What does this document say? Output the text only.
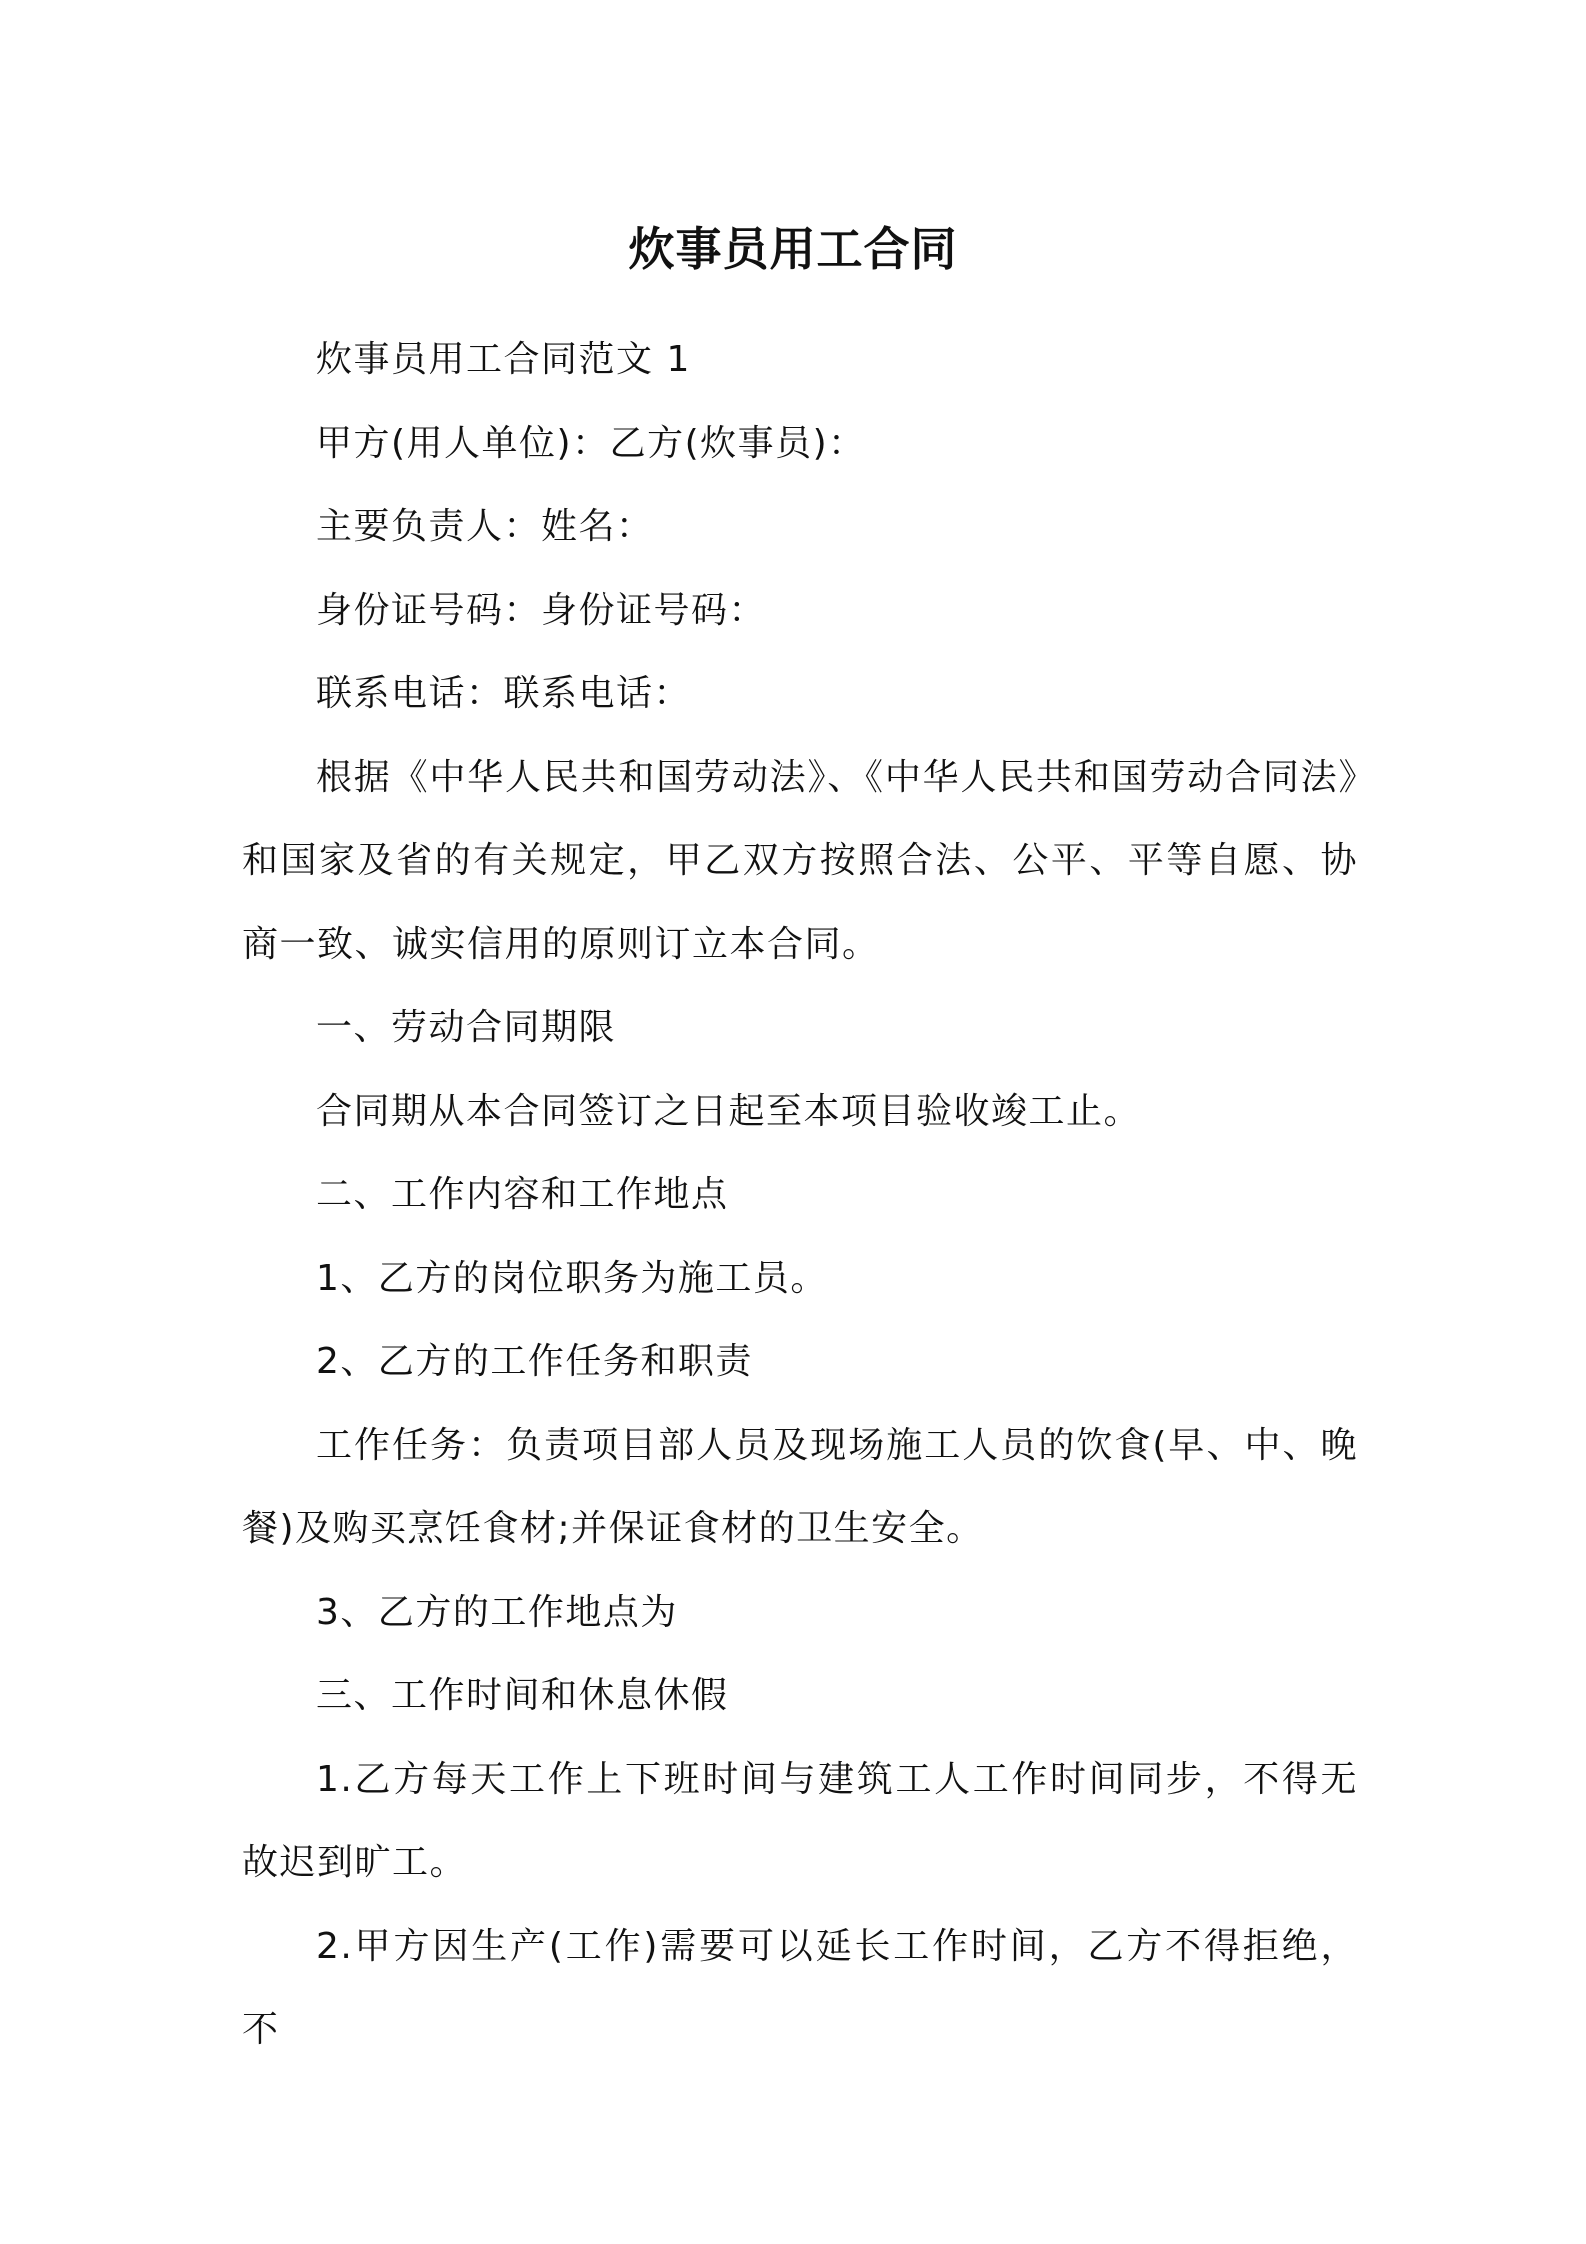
炊事员用工合同

炊事员用工合同范文 1

甲方(用人单位)：乙方(炊事员)：

主要负责人：姓名：

身份证号码：身份证号码：

联系电话：联系电话：

根据《中华人民共和国劳动法》、《中华人民共和国劳动合同法》和国家及省的有关规定，甲乙双方按照合法、公平、平等自愿、协商一致、诚实信用的原则订立本合同。

一、劳动合同期限

合同期从本合同签订之日起至本项目验收竣工止。

二、工作内容和工作地点

1、乙方的岗位职务为施工员。

2、乙方的工作任务和职责

工作任务：负责项目部人员及现场施工人员的饮食(早、中、晚餐)及购买烹饪食材;并保证食材的卫生安全。

3、乙方的工作地点为

三、工作时间和休息休假

1.乙方每天工作上下班时间与建筑工人工作时间同步，不得无故迟到旷工。

2.甲方因生产(工作)需要可以延长工作时间，乙方不得拒绝，不
